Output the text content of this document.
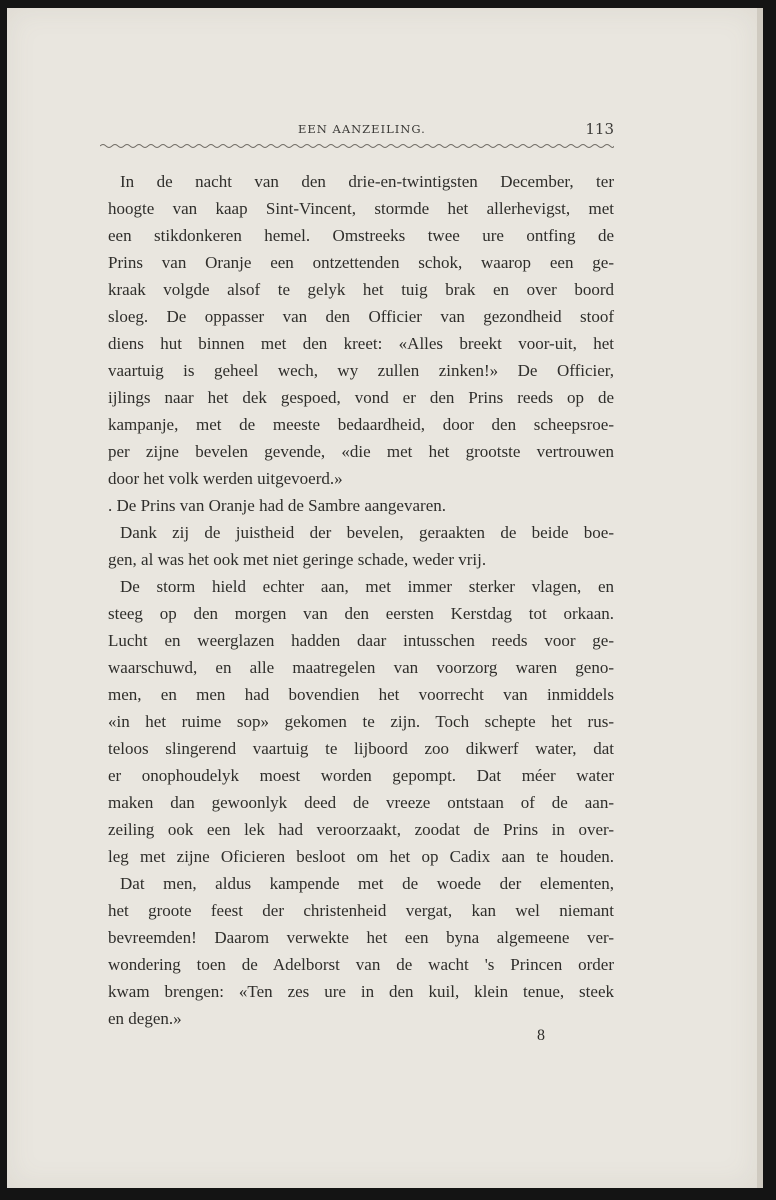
EEN AANZEILING.	113
In de nacht van den drie-en-twintigsten December, ter
hoogte van kaap Sint-Vincent, stormde het allerhevigst, met
een stikdonkeren hemel. Omstreeks twee ure ontfing de
Prins van Oranje een ontzettenden schok, waarop een ge-
kraak volgde alsof te gelyk het tuig brak en over boord
sloeg. De oppasser van den Officier van gezondheid stoof
diens hut binnen met den kreet: «Alles breekt voor-uit, het
vaartuig is geheel wech, wy zullen zinken!» De Officier,
ijlings naar het dek gespoed, vond er den Prins reeds op de
kampanje, met de meeste bedaardheid, door den scheepsroe-
per zijne bevelen gevende, «die met het grootste vertrouwen
door het volk werden uitgevoerd.»
. De Prins van Oranje had de Sambre aangevaren.
Dank zij de juistheid der bevelen, geraakten de beide boe-
gen, al was het ook met niet geringe schade, weder vrij.
De storm hield echter aan, met immer sterker vlagen, en
steeg op den morgen van den eersten Kerstdag tot orkaan.
Lucht en weerglazen hadden daar intusschen reeds voor ge-
waarschuwd, en alle maatregelen van voorzorg waren geno-
men, en men had bovendien het voorrecht van inmiddels
«in het ruime sop» gekomen te zijn. Toch schepte het rus-
teloos slingerend vaartuig te lijboord zoo dikwerf water, dat
er onophoudelyk moest worden gepompt. Dat méer water
maken dan gewoonlyk deed de vreeze ontstaan of de aan-
zeiling ook een lek had veroorzaakt, zoodat de Prins in over-
leg met zijne Oficieren besloot om het op Cadix aan te houden.
Dat men, aldus kampende met de woede der elementen,
het groote feest der christenheid vergat, kan wel niemant
bevreemden! Daarom verwekte het een byna algemeene ver-
wondering toen de Adelborst van de wacht 's Princen order
kwam brengen: «Ten zes ure in den kuil, klein tenue, steek
en degen.»
8
